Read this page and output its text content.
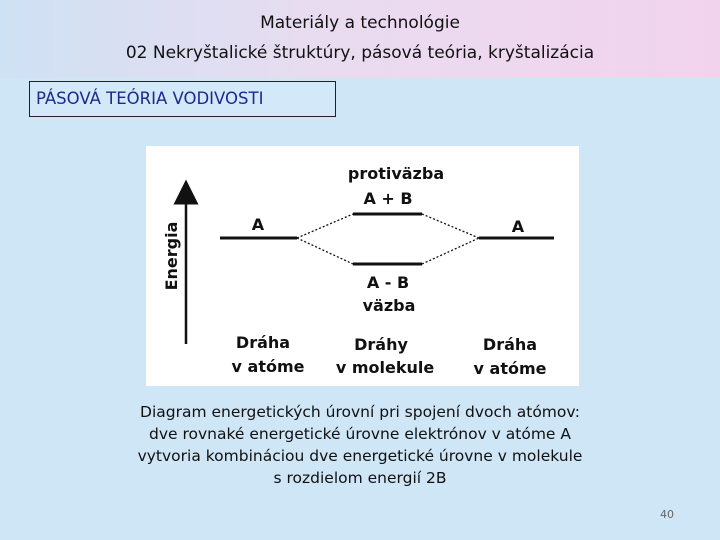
Materiály a technológie
02 Nekryštalické štruktúry, pásová teória, kryštalizácia
PÁSOVÁ TEÓRIA VODIVOSTI
Energia
protiväzba
A + B
A	A
A - B
väzba
Dráha
v atóme
Dráhy
v molekule
Dráha
v atóme
Diagram energetických úrovní pri spojení dvoch atómov:
dve rovnaké energetické úrovne elektrónov v atóme A
vytvoria kombináciou dve energetické úrovne v molekule
s rozdielom energií 2B
40
